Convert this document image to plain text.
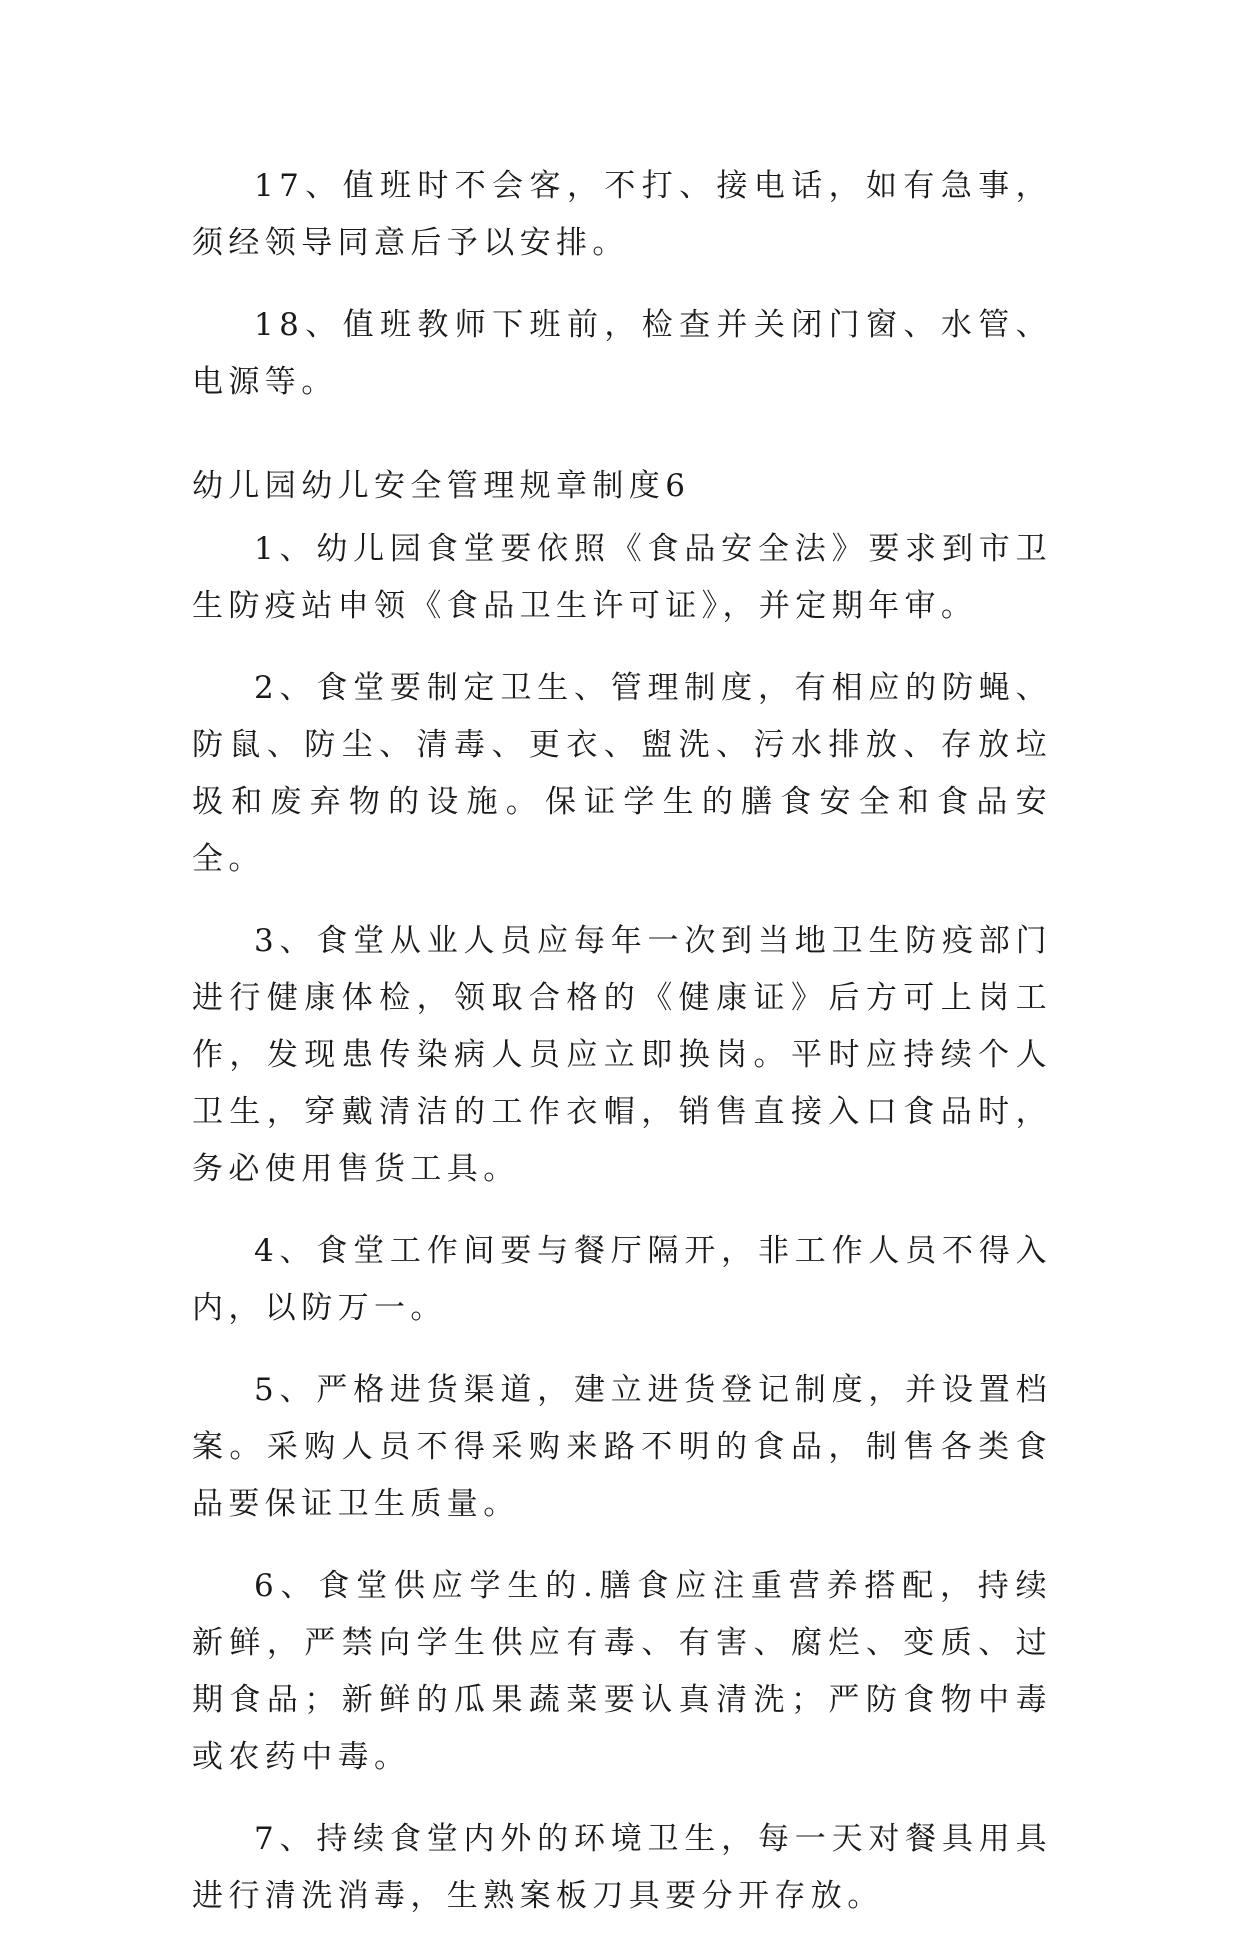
17、值班时不会客，不打、接电话，如有急事，须经领导同意后予以安排。

18、值班教师下班前，检查并关闭门窗、水管、电源等。

幼儿园幼儿安全管理规章制度6

1、幼儿园食堂要依照《食品安全法》要求到市卫生防疫站申领《食品卫生许可证》，并定期年审。

2、食堂要制定卫生、管理制度，有相应的防蝇、防鼠、防尘、清毒、更衣、盥洗、污水排放、存放垃圾和废弃物的设施。保证学生的膳食安全和食品安全。

3、食堂从业人员应每年一次到当地卫生防疫部门进行健康体检，领取合格的《健康证》后方可上岗工作，发现患传染病人员应立即换岗。平时应持续个人卫生，穿戴清洁的工作衣帽，销售直接入口食品时，务必使用售货工具。

4、食堂工作间要与餐厅隔开，非工作人员不得入内，以防万一。

5、严格进货渠道，建立进货登记制度，并设置档案。采购人员不得采购来路不明的食品，制售各类食品要保证卫生质量。

6、食堂供应学生的.膳食应注重营养搭配，持续新鲜，严禁向学生供应有毒、有害、腐烂、变质、过期食品；新鲜的瓜果蔬菜要认真清洗；严防食物中毒或农药中毒。

7、持续食堂内外的环境卫生，每一天对餐具用具进行清洗消毒，生熟案板刀具要分开存放。
